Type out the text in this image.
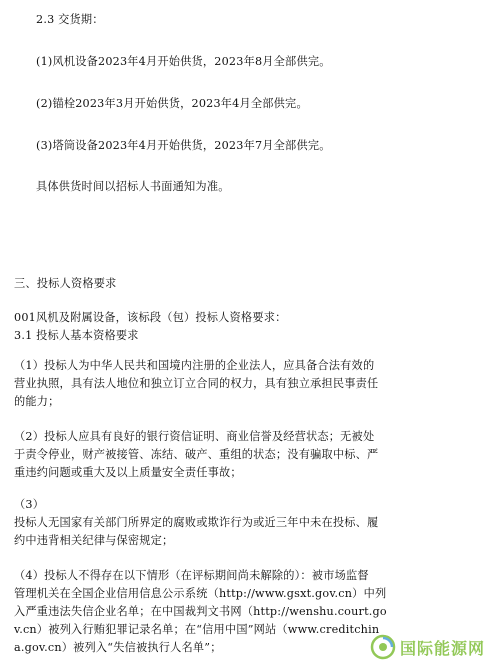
2.3 交货期：
(1)风机设备2023年4月开始供货，2023年8月全部供完。
(2)锚栓2023年3月开始供货，2023年4月全部供完。
(3)塔筒设备2023年4月开始供货，2023年7月全部供完。
具体供货时间以招标人书面通知为准。
三、投标人资格要求
001风机及附属设备，该标段（包）投标人资格要求：
3.1 投标人基本资格要求
（1）投标人为中华人民共和国境内注册的企业法人，应具备合法有效的
营业执照，具有法人地位和独立订立合同的权力，具有独立承担民事责任
的能力；
（2）投标人应具有良好的银行资信证明、商业信誉及经营状态；无被处
于责令停业，财产被接管、冻结、破产、重组的状态；没有骗取中标、严
重违约问题或重大及以上质量安全责任事故；
（3）
投标人无国家有关部门所界定的腐败或欺诈行为或近三年中未在投标、履
约中违背相关纪律与保密规定；
（4）投标人不得存在以下情形（在评标期间尚未解除的）：被市场监督
管理机关在全国企业信用信息公示系统（http://www.gsxt.gov.cn）中列
入严重违法失信企业名单；在中国裁判文书网（http://wenshu.court.go
v.cn）被列入行贿犯罪记录名单；在“信用中国”网站（www.creditchin
a.gov.cn）被列入“失信被执行人名单”；	国际能源网
